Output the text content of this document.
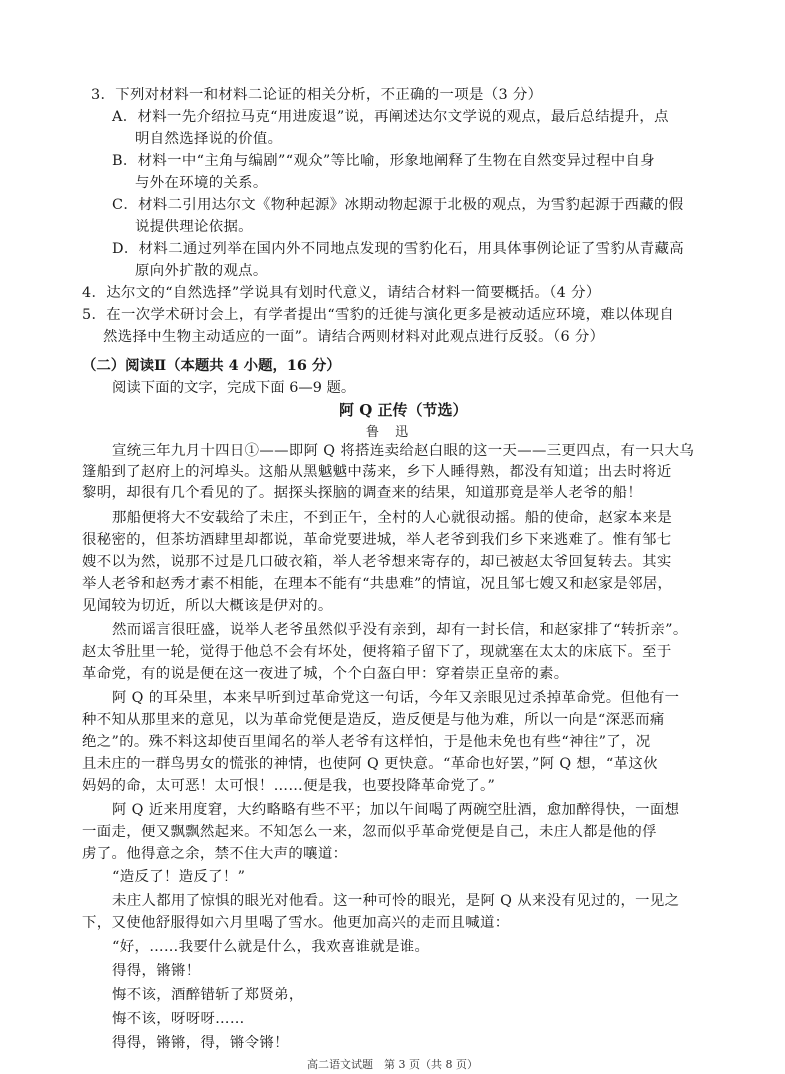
3．下列对材料一和材料二论证的相关分析，不正确的一项是（3 分）
A．材料一先介绍拉马克“用进废退”说，再阐述达尔文学说的观点，最后总结提升，点
明自然选择说的价值。
B．材料一中“主角与编剧”“观众”等比喻，形象地阐释了生物在自然变异过程中自身
与外在环境的关系。
C．材料二引用达尔文《物种起源》冰期动物起源于北极的观点，为雪豹起源于西藏的假
说提供理论依据。
D．材料二通过列举在国内外不同地点发现的雪豹化石，用具体事例论证了雪豹从青藏高
原向外扩散的观点。
4．达尔文的“自然选择”学说具有划时代意义，请结合材料一简要概括。（4 分）
5．在一次学术研讨会上，有学者提出“雪豹的迁徙与演化更多是被动适应环境，难以体现自
然选择中生物主动适应的一面”。请结合两则材料对此观点进行反驳。（6 分）
（二）阅读Ⅱ（本题共 4 小题，16 分）
阅读下面的文字，完成下面 6—9 题。
阿 Q 正传（节选）
鲁 迅
宣统三年九月十四日①——即阿 Q 将搭连卖给赵白眼的这一天——三更四点，有一只大乌
篷船到了赵府上的河埠头。这船从黑魆魆中荡来，乡下人睡得熟，都没有知道；出去时将近
黎明，却很有几个看见的了。据探头探脑的调查来的结果，知道那竟是举人老爷的船！
那船便将大不安载给了未庄，不到正午，全村的人心就很动摇。船的使命，赵家本来是
很秘密的，但茶坊酒肆里却都说，革命党要进城，举人老爷到我们乡下来逃难了。惟有邹七
嫂不以为然，说那不过是几口破衣箱，举人老爷想来寄存的，却已被赵太爷回复转去。其实
举人老爷和赵秀才素不相能，在理本不能有“共患难”的情谊，况且邹七嫂又和赵家是邻居，
见闻较为切近，所以大概该是伊对的。
然而谣言很旺盛，说举人老爷虽然似乎没有亲到，却有一封长信，和赵家排了“转折亲”。
赵太爷肚里一轮，觉得于他总不会有坏处，便将箱子留下了，现就塞在太太的床底下。至于
革命党，有的说是便在这一夜进了城，个个白盔白甲：穿着崇正皇帝的素。
阿 Q 的耳朵里，本来早听到过革命党这一句话，今年又亲眼见过杀掉革命党。但他有一
种不知从那里来的意见，以为革命党便是造反，造反便是与他为难，所以一向是“深恶而痛
绝之”的。殊不料这却使百里闻名的举人老爷有这样怕，于是他未免也有些“神往”了，况
且未庄的一群鸟男女的慌张的神情，也使阿 Q 更快意。“革命也好罢，”阿 Q 想，“革这伙
妈妈的命，太可恶！太可恨！……便是我，也要投降革命党了。”
阿 Q 近来用度窘，大约略略有些不平；加以午间喝了两碗空肚酒，愈加醉得快，一面想
一面走，便又飘飘然起来。不知怎么一来，忽而似乎革命党便是自己，未庄人都是他的俘
虏了。他得意之余，禁不住大声的嚷道：
“造反了！造反了！”
未庄人都用了惊惧的眼光对他看。这一种可怜的眼光，是阿 Q 从来没有见过的，一见之
下，又使他舒服得如六月里喝了雪水。他更加高兴的走而且喊道：
“好，……我要什么就是什么，我欢喜谁就是谁。
得得，锵锵！
悔不该，酒醉错斩了郑贤弟，
悔不该，呀呀呀……
得得，锵锵，得，锵令锵！
高二语文试题　第 3 页（共 8 页）
